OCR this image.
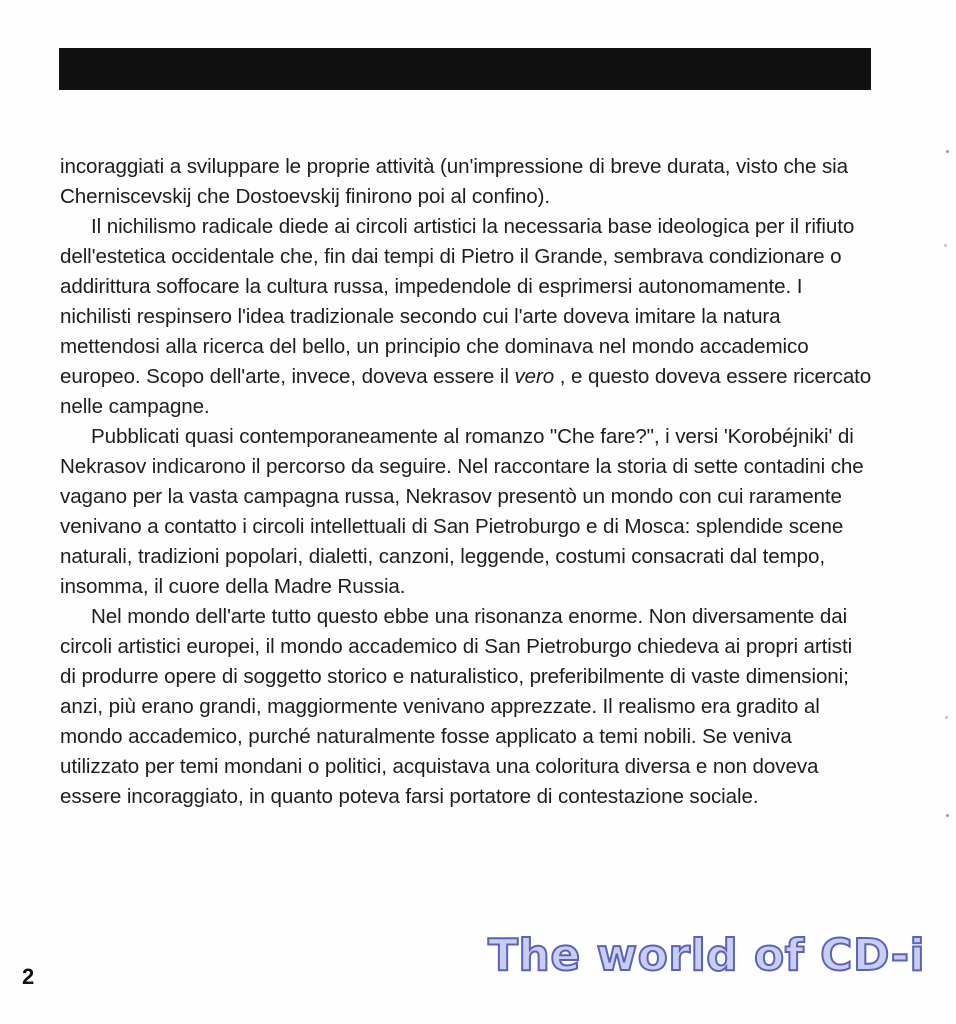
incoraggiati a sviluppare le proprie attività (un'impressione di breve durata, visto che sia Cherniscevskij che Dostoevskij finirono poi al confino).

Il nichilismo radicale diede ai circoli artistici la necessaria base ideologica per il rifiuto dell'estetica occidentale che, fin dai tempi di Pietro il Grande, sembrava condizionare o addirittura soffocare la cultura russa, impedendole di esprimersi autonomamente. I nichilisti respinsero l'idea tradizionale secondo cui l'arte doveva imitare la natura mettendosi alla ricerca del bello, un principio che dominava nel mondo accademico europeo. Scopo dell'arte, invece, doveva essere il vero , e questo doveva essere ricercato nelle campagne.

Pubblicati quasi contemporaneamente al romanzo "Che fare?", i versi 'Korobéjniki' di Nekrasov indicarono il percorso da seguire. Nel raccontare la storia di sette contadini che vagano per la vasta campagna russa, Nekrasov presentò un mondo con cui raramente venivano a contatto i circoli intellettuali di San Pietroburgo e di Mosca: splendide scene naturali, tradizioni popolari, dialetti, canzoni, leggende, costumi consacrati dal tempo, insomma, il cuore della Madre Russia.

Nel mondo dell'arte tutto questo ebbe una risonanza enorme. Non diversamente dai circoli artistici europei, il mondo accademico di San Pietroburgo chiedeva ai propri artisti di produrre opere di soggetto storico e naturalistico, preferibilmente di vaste dimensioni; anzi, più erano grandi, maggiormente venivano apprezzate. Il realismo era gradito al mondo accademico, purché naturalmente fosse applicato a temi nobili. Se veniva utilizzato per temi mondani o politici, acquistava una coloritura diversa e non doveva essere incoraggiato, in quanto poteva farsi portatore di contestazione sociale.

2	The world of CD-i
